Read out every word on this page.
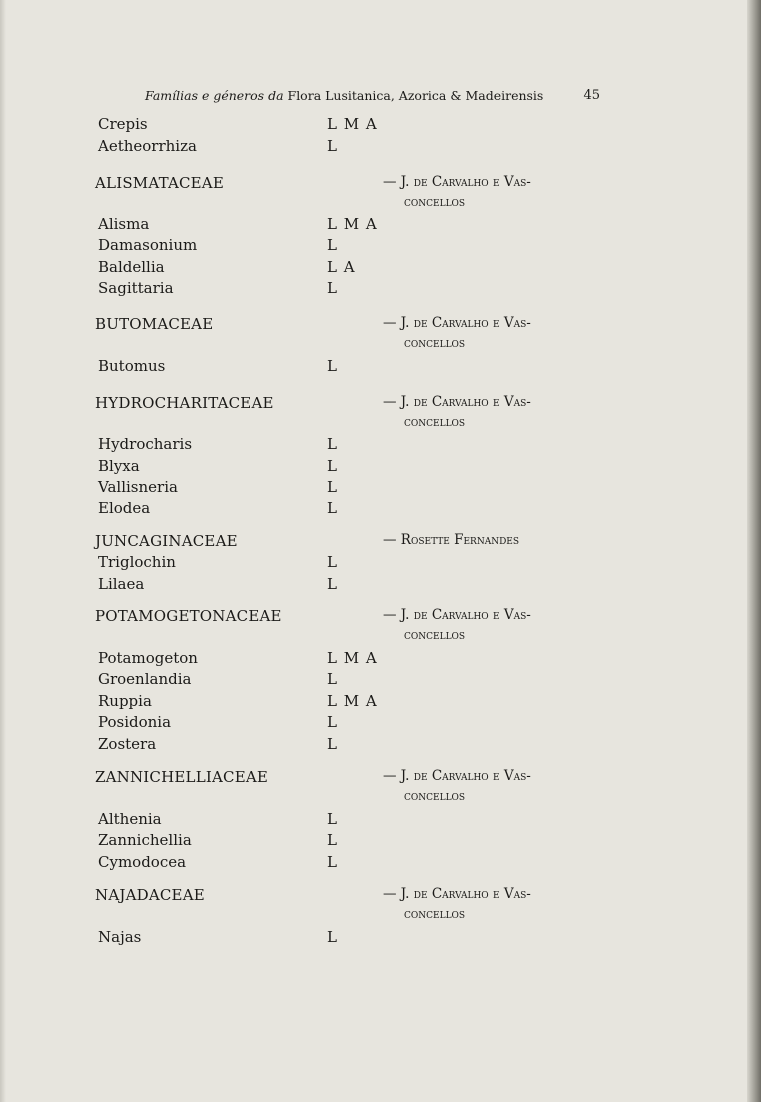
Famílias e géneros da Flora Lusitanica, Azorica & Madeirensis	45
Crepis	L M A
Aetheorrhiza	L
ALISMATACEAE	— J. de Carvalho e Vas-
concellos
Alisma	L M A
Damasonium	L
Baldellia	L A
Sagittaria	L
BUTOMACEAE	— J. de Carvalho e Vas-
concellos
Butomus	L
HYDROCHARITACEAE	— J. de Carvalho e Vas-
concellos
Hydrocharis	L
Blyxa	L
Vallisneria	L
Elodea	L
JUNCAGINACEAE	— Rosette Fernandes
Triglochin	L
Lilaea	L
POTAMOGETONACEAE	— J. de Carvalho e Vas-
concellos
Potamogeton	L M A
Groenlandia	L
Ruppia	L M A
Posidonia	L
Zostera	L
ZANNICHELLIACEAE	— J. de Carvalho e Vas-
concellos
Althenia	L
Zannichellia	L
Cymodocea	L
NAJADACEAE	— J. de Carvalho e Vas-
concellos
Najas	L
